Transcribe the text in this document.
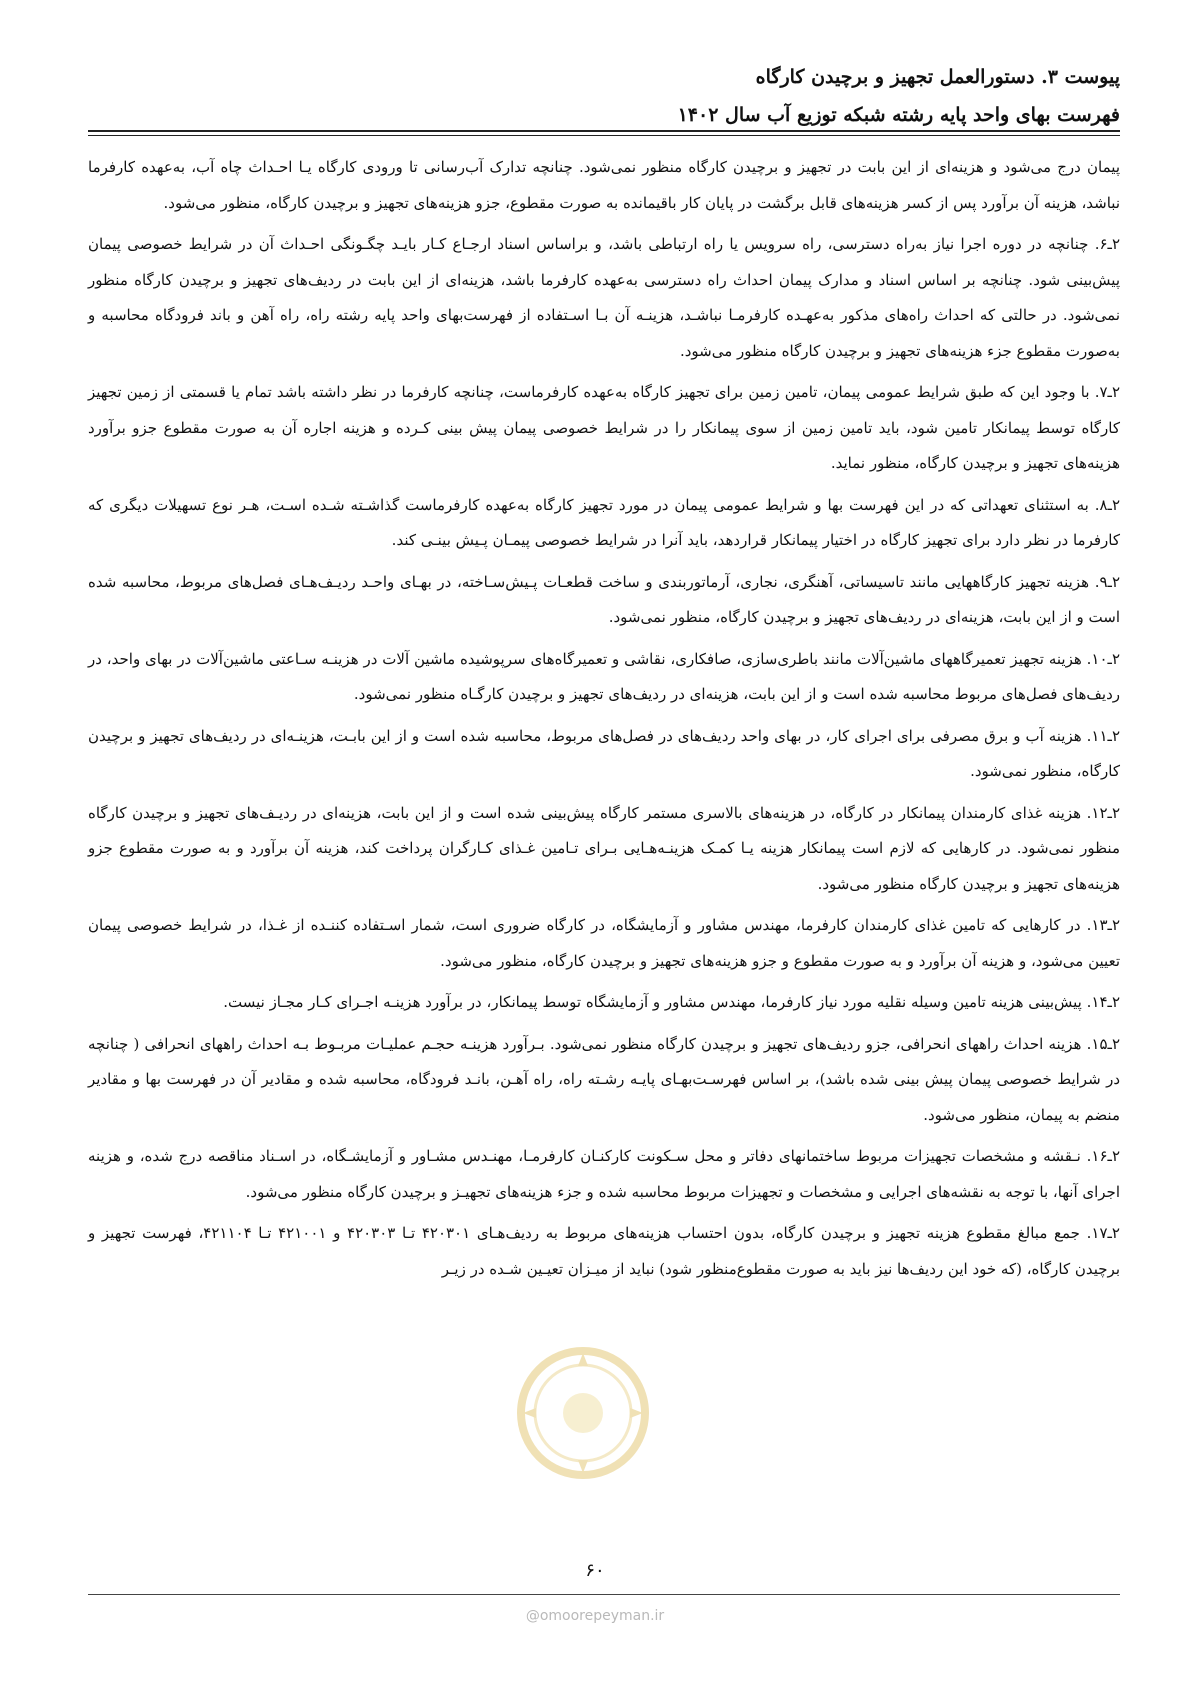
پیوست ۳. دستورالعمل تجهیز و برچیدن کارگاه
فهرست بهای واحد پایه رشته شبکه توزیع آب سال ۱۴۰۲

پیمان درج می‌شود و هزینه‌ای از این بابت در تجهیز و برچیدن کارگاه منظور نمی‌شود. چنانچه تدارک آب‌رسانی تا ورودی کارگاه یـا احـداث چاه آب، به‌عهده کارفرما نباشد، هزینه آن برآورد پس از کسر هزینه‌های قابل برگشت در پایان کار باقیمانده به صورت مقطوع، جزو هزینه‌های تجهیز و برچیدن کارگاه، منظور می‌شود.

۲ـ۶. چنانچه در دوره اجرا نیاز به‌راه دسترسی، راه سرویس یا راه ارتباطی باشد، و براساس اسناد ارجـاع کـار بایـد چگـونگی احـداث آن در شرایط خصوصی پیمان پیش‌بینی شود. چنانچه بر اساس اسناد و مدارک پیمان احداث راه دسترسی به‌عهده کارفرما باشد، هزینه‌ای از این بابت در ردیف‌های تجهیز و برچیدن کارگاه منظور نمی‌شود. در حالتی که احداث راه‌های مذکور به‌عهـده کارفرمـا نباشـد، هزینـه آن بـا اسـتفاده از فهرست‌بهای واحد پایه رشته راه، راه آهن و باند فرودگاه محاسبه و به‌صورت مقطوع جزء هزینه‌های تجهیز و برچیدن کارگاه منظور می‌شود.

۲ـ۷. با وجود این که طبق شرایط عمومی پیمان، تامین زمین برای تجهیز کارگاه به‌عهده کارفرماست، چنانچه کارفرما در نظر داشته باشد تمام یا قسمتی از زمین تجهیز کارگاه توسط پیمانکار تامین شود، باید تامین زمین از سوی پیمانکار را در شرایط خصوصی پیمان پیش بینی کـرده و هزینه اجاره آن به صورت مقطوع جزو برآورد هزینه‌های تجهیز و برچیدن کارگاه، منظور نماید.

۲ـ۸. به استثنای تعهداتی که در این فهرست بها و شرایط عمومی پیمان در مورد تجهیز کارگاه به‌عهده کارفرماست گذاشـته شـده اسـت، هـر نوع تسهیلات دیگری که کارفرما در نظر دارد برای تجهیز کارگاه در اختیار پیمانکار قراردهد، باید آنرا در شرایط خصوصی پیمـان پـیش بینـی کند.

۲ـ۹. هزینه تجهیز کارگاههایی مانند تاسیساتی، آهنگری، نجاری، آرماتوربندی و ساخت قطعـات پـیش‌سـاخته، در بهـای واحـد ردیـف‌هـای فصل‌های مربوط، محاسبه شده است و از این بابت، هزینه‌ای در ردیف‌های تجهیز و برچیدن کارگاه، منظور نمی‌شود.

۲ـ۱۰. هزینه تجهیز تعمیرگاههای ماشین‌آلات مانند باطری‌سازی، صافکاری، نقاشی و تعمیرگاه‌های سرپوشیده ماشین آلات در هزینـه سـاعتی ماشین‌آلات در بهای واحد، در ردیف‌های فصل‌های مربوط محاسبه شده است و از این بابت، هزینه‌ای در ردیف‌های تجهیز و برچیدن کارگـاه منظور نمی‌شود.

۲ـ۱۱. هزینه آب و برق مصرفی برای اجرای کار، در بهای واحد ردیف‌های در فصل‌های مربوط، محاسبه شده است و از این بابـت، هزینـه‌ای در ردیف‌های تجهیز و برچیدن کارگاه، منظور نمی‌شود.

۲ـ۱۲. هزینه غذای کارمندان پیمانکار در کارگاه، در هزینه‌های بالاسری مستمر کارگاه پیش‌بینی شده است و از این بابت، هزینه‌ای در ردیـف‌های تجهیز و برچیدن کارگاه منظور نمی‌شود. در کارهایی که لازم است پیمانکار هزینه یـا کمـک هزینـه‌هـایی بـرای تـامین غـذای کـارگران پرداخت کند، هزینه آن برآورد و به صورت مقطوع جزو هزینه‌های تجهیز و برچیدن کارگاه منظور می‌شود.

۲ـ۱۳. در کارهایی که تامین غذای کارمندان کارفرما، مهندس مشاور و آزمایشگاه، در کارگاه ضروری است، شمار اسـتفاده کننـده از غـذا، در شرایط خصوصی پیمان تعیین می‌شود، و هزینه آن برآورد و به صورت مقطوع و جزو هزینه‌های تجهیز و برچیدن کارگاه، منظور می‌شود.

۲ـ۱۴. پیش‌بینی هزینه تامین وسیله نقلیه مورد نیاز کارفرما، مهندس مشاور و آزمایشگاه توسط پیمانکار، در برآورد هزینـه اجـرای کـار مجـاز نیست.

۲ـ۱۵. هزینه احداث راههای انحرافی، جزو ردیف‌های تجهیز و برچیدن کارگاه منظور نمی‌شود. بـرآورد هزینـه حجـم عملیـات مربـوط بـه احداث راههای انحرافی ( چنانچه در شرایط خصوصی پیمان پیش بینی شده باشد)، بر اساس فهرسـت‌بهـای پایـه رشـته راه، راه آهـن، بانـد فرودگاه، محاسبه شده و مقادیر آن در فهرست بها و مقادیر منضم به پیمان، منظور می‌شود.

۲ـ۱۶. نـقشه و مشخصات تجهیزات مربوط ساختمانهای دفاتر و محل سـکونت کارکنـان کارفرمـا، مهنـدس مشـاور و آزمایشـگاه، در اسـناد مناقصه درج شده، و هزینه اجرای آنها، با توجه به نقشه‌های اجرایی و مشخصات و تجهیزات مربوط محاسبه شده و جزء هزینه‌های تجهیـز و برچیدن کارگاه منظور می‌شود.

۲ـ۱۷. جمع مبالغ مقطوع هزینه تجهیز و برچیدن کارگاه، بدون احتساب هزینه‌های مربوط به ردیف‌هـای ۴۲۰۳۰۱ تـا ۴۲۰۳۰۳ و ۴۲۱۰۰۱ تـا ۴۲۱۱۰۴، فهرست تجهیز و برچیدن کارگاه، (که خود این ردیف‌ها نیز باید به صورت مقطوع‌منظور شود) نباید از میـزان تعیـین شـده در زیـر

۶۰
@omoorepeyman.ir
